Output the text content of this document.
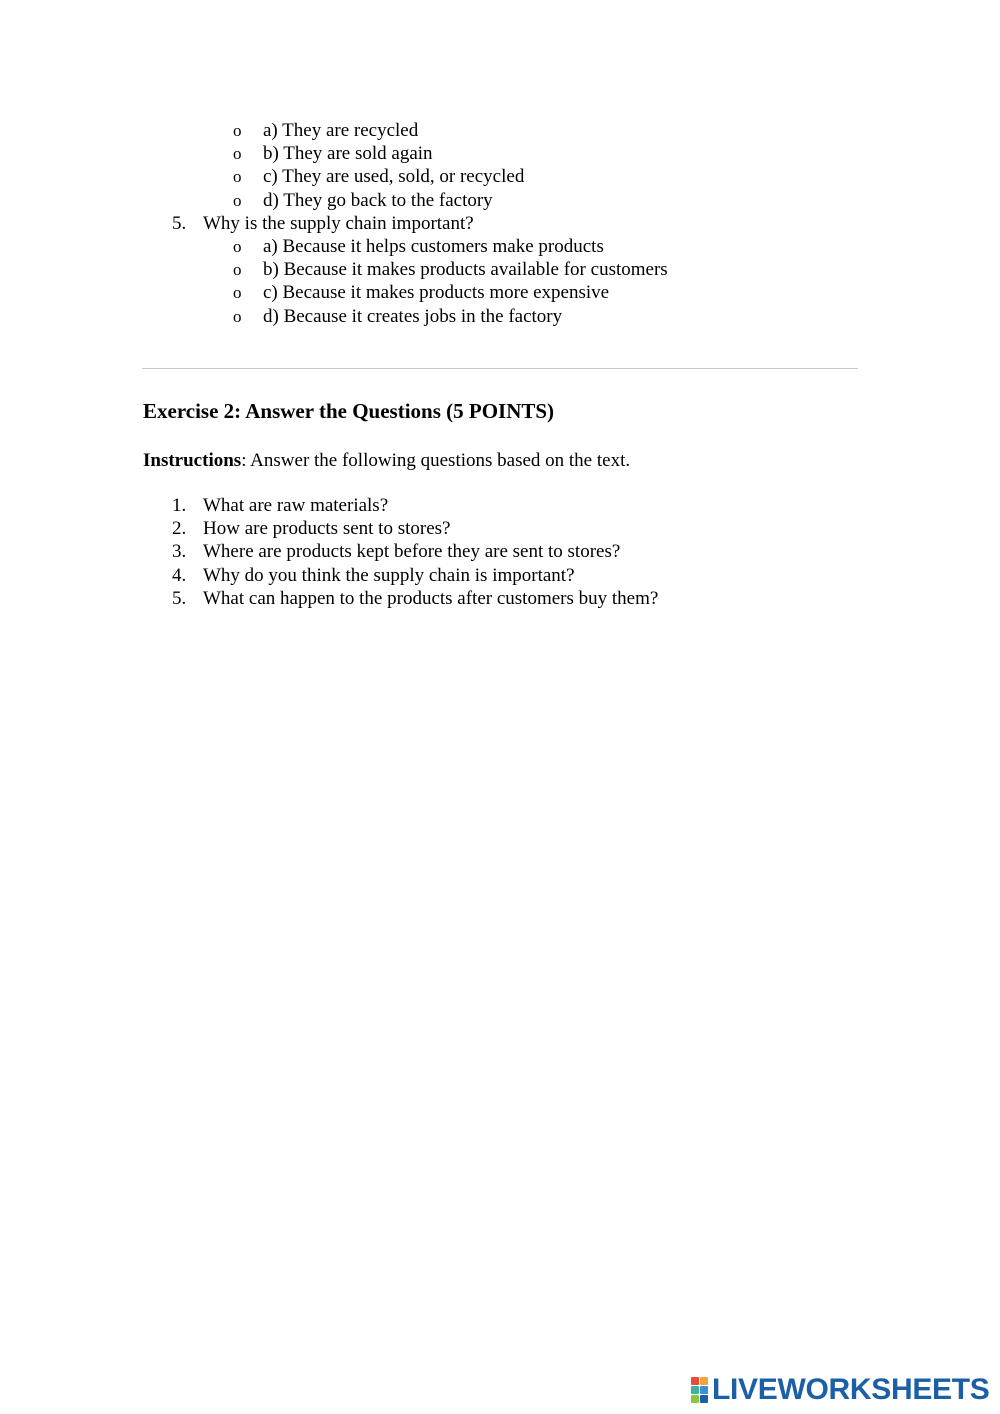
o a) They are recycled
o b) They are sold again
o c) They are used, sold, or recycled
o d) They go back to the factory
5. Why is the supply chain important?
o a) Because it helps customers make products
o b) Because it makes products available for customers
o c) Because it makes products more expensive
o d) Because it creates jobs in the factory
Exercise 2: Answer the Questions (5 POINTS)
Instructions: Answer the following questions based on the text.
1. What are raw materials?
2. How are products sent to stores?
3. Where are products kept before they are sent to stores?
4. Why do you think the supply chain is important?
5. What can happen to the products after customers buy them?
LIVEWORKSHEETS
